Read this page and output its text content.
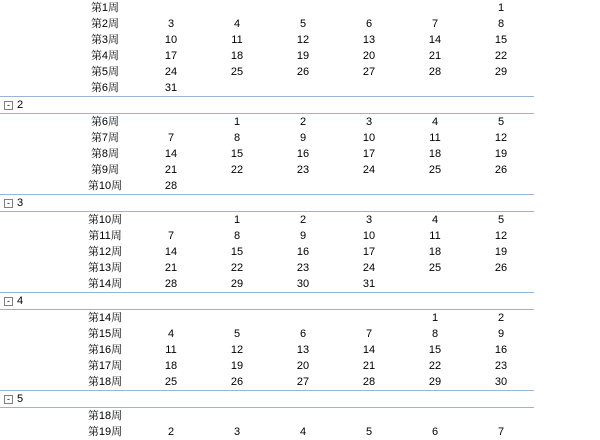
	第1周						1	
	第2周	3	4	5	6	7	8	
	第3周	10	11	12	13	14	15	
	第4周	17	18	19	20	21	22	
	第5周	24	25	26	27	28	29	
	第6周	31						
- 2								
	第6周		1	2	3	4	5	
	第7周	7	8	9	10	11	12	
	第8周	14	15	16	17	18	19	
	第9周	21	22	23	24	25	26	
	第10周	28						
- 3								
	第10周		1	2	3	4	5	
	第11周	7	8	9	10	11	12	
	第12周	14	15	16	17	18	19	
	第13周	21	22	23	24	25	26	
	第14周	28	29	30	31			
- 4								
	第14周					1	2	
	第15周	4	5	6	7	8	9	
	第16周	11	12	13	14	15	16	
	第17周	18	19	20	21	22	23	
	第18周	25	26	27	28	29	30	
- 5								
	第18周							
	第19周	2	3	4	5	6	7	
